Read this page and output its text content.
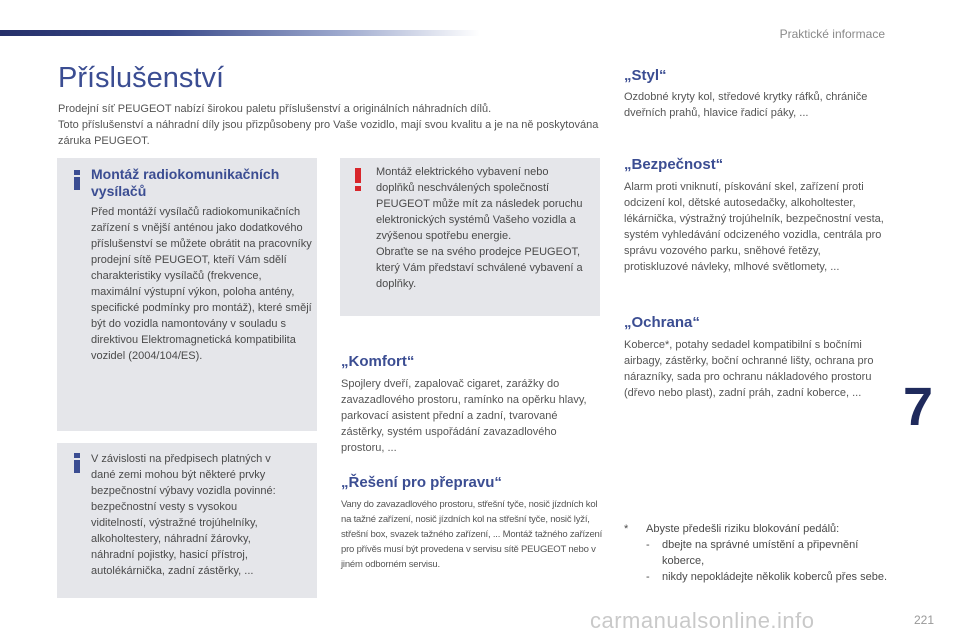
Praktické informace
Příslušenství

Prodejní síť PEUGEOT nabízí širokou paletu příslušenství a originálních náhradních dílů.

Toto příslušenství a náhradní díly jsou přizpůsobeny pro Vaše vozidlo, mají svou kvalitu a je na ně poskytována záruka PEUGEOT.

Montáž radiokomunikačních vysílačů
Před montáží vysílačů radiokomunikačních zařízení s vnější anténou jako dodatkového příslušenství se můžete obrátit na pracovníky prodejní sítě PEUGEOT, kteří Vám sdělí charakteristiky vysílačů (frekvence, maximální výstupní výkon, poloha antény, specifické podmínky pro montáž), které smějí být do vozidla namontovány v souladu s direktivou Elektromagnetická kompatibilita vozidel (2004/104/ES).
Montáž elektrického vybavení nebo doplňků neschválených společností PEUGEOT může mít za následek poruchu elektronických systémů Vašeho vozidla a zvýšenou spotřebu energie.
Obraťte se na svého prodejce PEUGEOT, který Vám představí schválené vybavení a doplňky.
V závislosti na předpisech platných v dané zemi mohou být některé prvky bezpečnostní výbavy vozidla povinné: bezpečnostní vesty s vysokou viditelností, výstražné trojúhelníky, alkoholtestery, náhradní žárovky, náhradní pojistky, hasicí přístroj, autolékárnička, zadní zástěrky, ...
„Komfort“
Spojlery dveří, zapalovač cigaret, zarážky do zavazadlového prostoru, ramínko na opěrku hlavy, parkovací asistent přední a zadní, tvarované zástěrky, systém uspořádání zavazadlového prostoru, ...
„Řešení pro přepravu“
Vany do zavazadlového prostoru, střešní tyče, nosič jízdních kol na tažné zařízení, nosič jízdních kol na střešní tyče, nosič lyží, střešní box, svazek tažného zařízení, ... Montáž tažného zařízení pro přívěs musí být provedena v servisu sítě PEUGEOT nebo v jiném odborném servisu.
„Styl“
Ozdobné kryty kol, středové krytky ráfků, chrániče dveřních prahů, hlavice řadicí páky, ...
„Bezpečnost“
Alarm proti vniknutí, pískování skel, zařízení proti odcizení kol, dětské autosedačky, alkoholtester, lékárnička, výstražný trojúhelník, bezpečnostní vesta, systém vyhledávání odcizeného vozidla, centrála pro správu vozového parku, sněhové řetězy, protiskluzové návleky, mlhové světlomety, ...
„Ochrana“
Koberce*, potahy sedadel kompatibilní s bočními airbagy, zástěrky, boční ochranné lišty, ochrana pro nárazníky, sada pro ochranu nákladového prostoru (dřevo nebo plast), zadní práh, zadní koberce, ...
* Abyste předešli riziku blokování pedálů:
- dbejte na správné umístění a připevnění koberce,
- nikdy nepokládejte několik koberců přes sebe.
7
carmanualsonline.info	221
